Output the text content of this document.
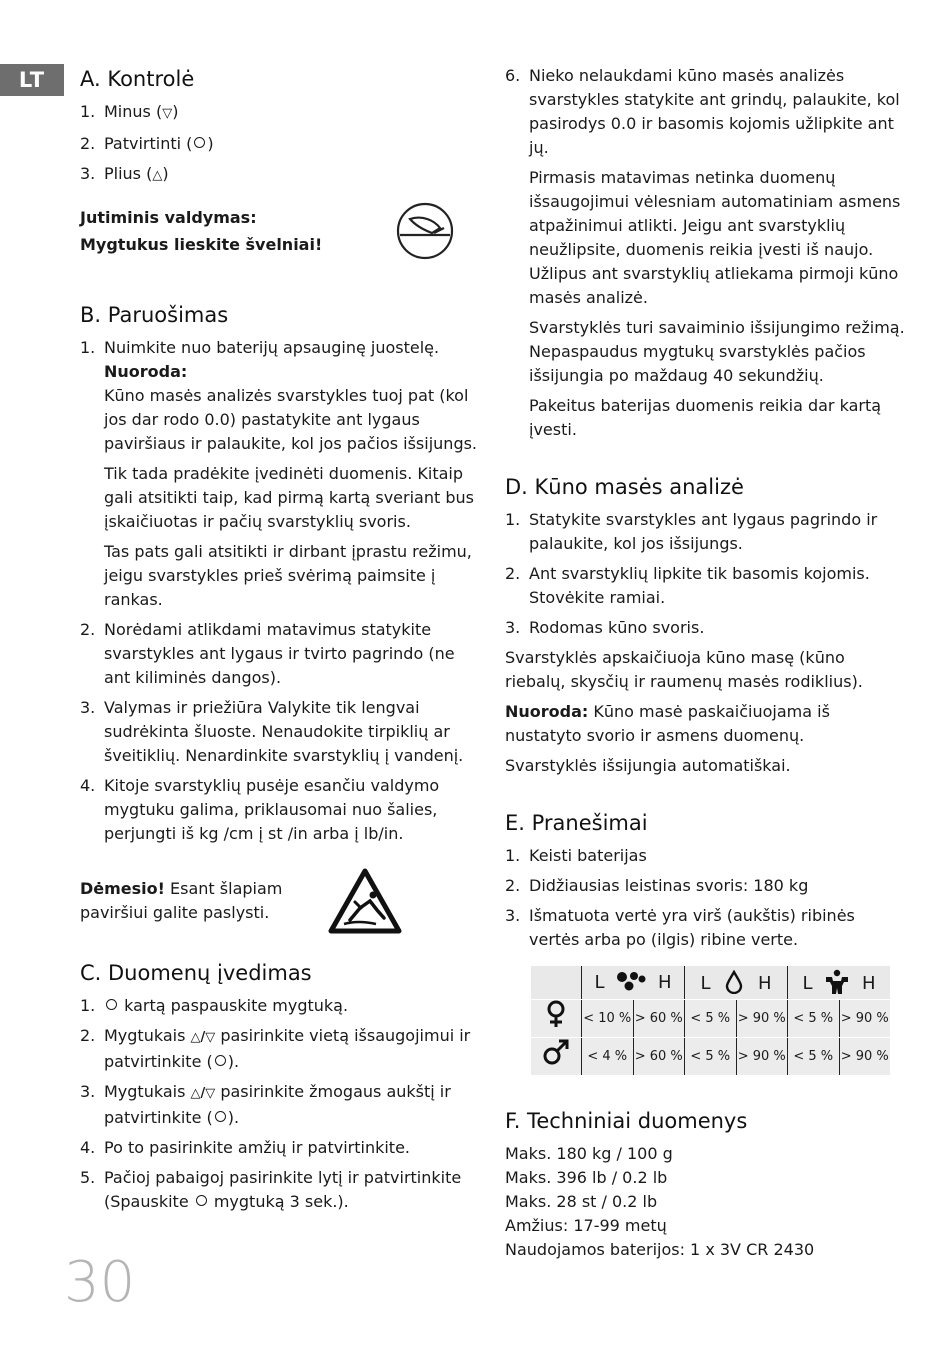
LT	A. Kontrolė
1. Minus (▽)
2. Patvirtinti ( )
3. Plius (△)
Jutiminis valdymas:
Mygtukus lieskite švelniai!
B. Paruošimas
1. Nuimkite nuo baterijų apsauginę juostelę.
Nuoroda:
Kūno masės analizės svarstykles tuoj pat (kol jos dar rodo 0.0) pastatykite ant lygaus paviršiaus ir palaukite, kol jos pačios išsijungs.
Tik tada pradėkite įvedinėti duomenis. Kitaip gali atsitikti taip, kad pirmą kartą sveriant bus įskaičiuotas ir pačių svarstyklių svoris.
Tas pats gali atsitikti ir dirbant įprastu režimu, jeigu svarstykles prieš svėrimą paimsite į rankas.
2. Norėdami atlikdami matavimus statykite svarstykles ant lygaus ir tvirto pagrindo (ne ant kiliminės dangos).
3. Valymas ir priežiūra Valykite tik lengvai sudrėkinta šluoste. Nenaudokite tirpiklių ar šveitiklių. Nenardinkite svarstyklių į vandenį.
4. Kitoje svarstyklių pusėje esančiu valdymo mygtuku galima, priklausomai nuo šalies, perjungti iš kg /cm į st /in arba į lb/in.
Dėmesio! Esant šlapiam paviršiui galite paslysti.
C. Duomenų įvedimas
1.	kartą paspauskite mygtuką.
2. Mygtukais △/▽ pasirinkite vietą išsaugojimui ir patvirtinkite ( ).
3. Mygtukais △/▽ pasirinkite žmogaus aukštį ir patvirtinkite ( ).
4. Po to pasirinkite amžių ir patvirtinkite.
5. Pačioj pabaigoj pasirinkite lytį ir patvirtinkite (Spauskite  mygtuką 3 sek.).
6. Nieko nelaukdami kūno masės analizės svarstykles statykite ant grindų, palaukite, kol pasirodys 0.0 ir basomis kojomis užlipkite ant jų.
Pirmasis matavimas netinka duomenų išsaugojimui vėlesniam automatiniam asmens atpažinimui atlikti. Jeigu ant svarstyklių neužlipsite, duomenis reikia įvesti iš naujo. Užlipus ant svarstyklių atliekama pirmoji kūno masės analizė.
Svarstyklės turi savaiminio išsijungimo režimą. Nepaspaudus mygtukų svarstyklės pačios išsijungia po maždaug 40 sekundžių.
Pakeitus baterijas duomenis reikia dar kartą įvesti.
D. Kūno masės analizė
1. Statykite svarstykles ant lygaus pagrindo ir palaukite, kol jos išsijungs.
2. Ant svarstyklių lipkite tik basomis kojomis. Stovėkite ramiai.
3. Rodomas kūno svoris.
Svarstyklės apskaičiuoja kūno masę (kūno riebalų, skysčių ir raumenų masės rodiklius).
Nuoroda: Kūno masė paskaičiuojama iš nustatyto svorio ir asmens duomenų.
Svarstyklės išsijungia automatiškai.
E. Pranešimai
1. Keisti baterijas
2. Didžiausias leistinas svoris: 180 kg
3. Išmatuota vertė yra virš (aukštis) ribinės vertės arba po (ilgis) ribine verte.
	L H		L H		L H	
	< 10 %	> 60 %	< 5 %	> 90 %	< 5 %	> 90 %
	< 4 %	> 60 %	< 5 %	> 90 %	< 5 %	> 90 %
F. Techniniai duomenys
Maks. 180 kg / 100 g
Maks. 396 lb / 0.2 lb
Maks. 28 st / 0.2 lb
Amžius: 17-99 metų
Naudojamos baterijos: 1 x 3V CR 2430
30
